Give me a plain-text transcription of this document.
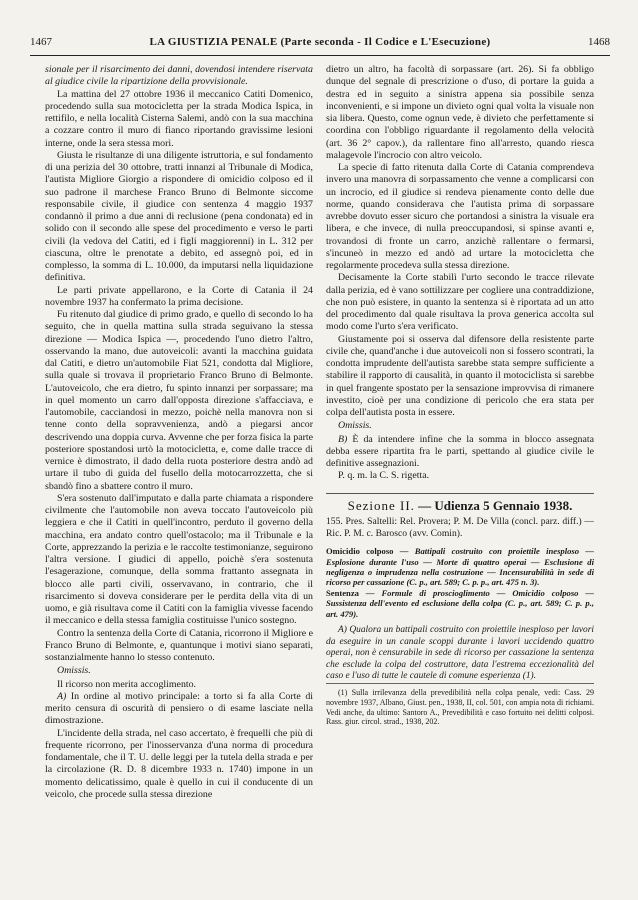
1467	LA GIUSTIZIA PENALE (Parte seconda - Il Codice e L'Esecuzione)	1468

sionale per il risarcimento dei danni, dovendosi intendere riservata al giudice civile la ripartizione della provvisionale.

La mattina del 27 ottobre 1936 il meccanico Catiti Domenico, procedendo sulla sua motocicletta per la strada Modica Ispica, in rettifilo, e nella località Cisterna Salemi, andò con la sua macchina a cozzare contro il muro di fianco riportando gravissime lesioni interne, onde la sera stessa morì.

Giusta le risultanze di una diligente istruttoria, e sul fondamento di una perizia del 30 ottobre, tratti innanzi al Tribunale di Modica, l'autista Migliore Giorgio a rispondere di omicidio colposo ed il suo padrone il marchese Franco Bruno di Belmonte siccome responsabile civile, il giudice con sentenza 4 maggio 1937 condannò il primo a due anni di reclusione (pena condonata) ed in solido con il secondo alle spese del procedimento e verso le parti civili (la vedova del Catiti, ed i figli maggiorenni) in L. 312 per ciascuna, oltre le prenotate a debito, ed assegnò poi, ed in complesso, la somma di L. 10.000, da imputarsi nella liquidazione definitiva.

Le parti private appellarono, e la Corte di Catania il 24 novembre 1937 ha confermato la prima decisione.

Fu ritenuto dal giudice di primo grado, e quello di secondo lo ha seguito, che in quella mattina sulla strada seguivano la stessa direzione — Modica Ispica —, procedendo l'uno dietro l'altro, osservando la mano, due autoveicoli: avanti la macchina guidata dal Catiti, e dietro un'automobile Fiat 521, condotta dal Migliore, sulla quale si trovava il proprietario Franco Bruno di Belmonte. L'autoveicolo, che era dietro, fu spinto innanzi per sorpassare; ma in quel momento un carro dall'opposta direzione s'affacciava, e l'automobile, cacciandosi in mezzo, poichè nella manovra non si tenne conto della sopravvenienza, andò a piegarsi ancor descrivendo una doppia curva. Avvenne che per forza fisica la parte posteriore spostandosi urtò la motocicletta, e, come dalle tracce di vernice è dimostrato, il dado della ruota posteriore destra andò ad urtare il tubo di guida del fusello della motocarrozzetta, che si sbandò fino a sbattere contro il muro.

S'era sostenuto dall'imputato e dalla parte chiamata a rispondere civilmente che l'automobile non aveva toccato l'autoveicolo più leggiera e che il Catiti in quell'incontro, perduto il governo della macchina, era andato contro quell'ostacolo; ma il Tribunale e la Corte, apprezzando la perizia e le raccolte testimonianze, seguirono l'altra versione. I giudici di appello, poichè s'era sostenuta l'esagerazione, comunque, della somma frattanto assegnata in blocco alle parti civili, osservavano, in contrario, che il risarcimento si doveva considerare per le perdita della vita di un uomo, e già risultava come il Catiti con la famiglia vivesse facendo il meccanico e della stessa famiglia costituisse l'unico sostegno.

Contro la sentenza della Corte di Catania, ricorrono il Migliore e Franco Bruno di Belmonte, e, quantunque i motivi siano separati, sostanzialmente hanno lo stesso contenuto.

Omissis.

Il ricorso non merita accoglimento.

A) In ordine al motivo principale: a torto si fa alla Corte di merito censura di oscurità di pensiero o di esame lasciate nella dimostrazione.

L'incidente della strada, nel caso accertato, è frequelli che più di frequente ricorrono, per l'inosservanza d'una norma di procedura fondamentale, che il T. U. delle leggi per la tutela della strada e per la circolazione (R. D. 8 dicembre 1933 n. 1740) impone in un momento delicatissimo, quale è quello in cui il conducente di un veicolo, che procede sulla stessa direzione

dietro un altro, ha facoltà di sorpassare (art. 26). Si fa obbligo dunque del segnale di prescrizione o d'uso, di portare la guida a destra ed in seguito a sinistra appena sia possibile senza inconvenienti, e si impone un divieto ogni qual volta la visuale non sia libera. Questo, come ognun vede, è divieto che perfettamente si coordina con l'obbligo riguardante il regolamento della velocità (art. 36 2° capov.), da rallentare fino all'arresto, quando riesca malagevole l'incrocio con altro veicolo.

La specie di fatto ritenuta dalla Corte di Catania comprendeva invero una manovra di sorpassamento che venne a complicarsi con un incrocio, ed il giudice si rendeva pienamente conto delle due norme, quando considerava che l'autista prima di sorpassare avrebbe dovuto esser sicuro che portandosi a sinistra la visuale era libera, e che invece, di nulla preoccupandosi, si spinse avanti e, trovandosi di fronte un carro, anzichè rallentare o fermarsi, s'incuneò in mezzo ed andò ad urtare la motocicletta che regolarmente procedeva sulla stessa direzione.

Decisamente la Corte stabilì l'urto secondo le tracce rilevate dalla perizia, ed è vano sottilizzare per cogliere una contraddizione, che non può esistere, in quanto la sentenza si è riportata ad un atto del procedimento dal quale risultava la prova generica accolta sul modo come l'urto s'era verificato.

Giustamente poi si osserva dal difensore della resistente parte civile che, quand'anche i due autoveicoli non si fossero scontrati, la condotta imprudente dell'autista sarebbe stata sempre sufficiente a stabilire il rapporto di causalità, in quanto il motociclista si sarebbe in quel frangente spostato per la sensazione improvvisa di rimanere investito, cioè per una condizione di pericolo che era stata per colpa dell'autista posta in essere.

Omissis.

B) È da intendere infine che la somma in blocco assegnata debba essere ripartita fra le parti, spettando al giudice civile le definitive assegnazioni.

P. q. m. la C. S. rigetta.

Sezione II. — Udienza 5 Gennaio 1938.

155. Pres. Saltelli: Rel. Provera; P. M. De Villa (concl. parz. diff.) — Ric. P. M. c. Barosco (avv. Comin).

Omicidio colposo — Battipali costruito con proiettile inesploso — Esplosione durante l'uso — Morte di quattro operai — Esclusione di negligenza o imprudenza nella costruzione — Incensurabilità in sede di ricorso per cassazione (C. p., art. 589; C. p. p., art. 475 n. 3).
Sentenza — Formule di proscioglimento — Omicidio colposo — Sussistenza dell'evento ed esclusione della colpa (C. p., art. 589; C. p. p., art. 479).

A) Qualora un battipali costruito con proiettile inesploso per lavori da eseguire in un canale scoppi durante i lavori uccidendo quattro operai, non è censurabile in sede di ricorso per cassazione la sentenza che esclude la colpa del costruttore, data l'estrema eccezionalità del caso e l'uso di tutte le cautele di comune esperienza (1).

(1) Sulla irrilevanza della prevedibilità nella colpa penale, vedi: Cass. 29 novembre 1937, Albano, Giust. pen., 1938, II, col. 501, con ampia nota di richiami. Vedi anche, da ultimo: Santoro A., Prevedibilità e caso fortuito nei delitti colposi. Rass. giur. circol. strad., 1938, 202.
